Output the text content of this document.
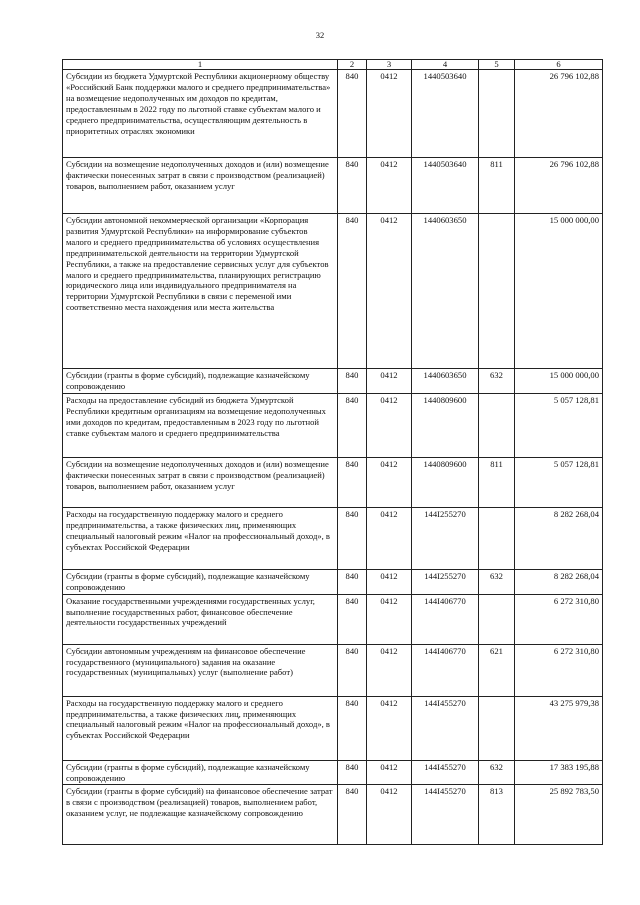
32
1	2	3	4	5	6
Субсидии из бюджета Удмуртской Республики акционерному обществу «Российский Банк поддержки малого и среднего предпринимательства» на возмещение недополученных им доходов по кредитам, предоставленным в 2022 году по льготной ставке субъектам малого и среднего предпринимательства, осуществляющим деятельность в приоритетных отраслях экономики	840	0412	1440503640		26 796 102,88
Субсидии на возмещение недополученных доходов и (или) возмещение фактически понесенных затрат в связи с производством (реализацией) товаров, выполнением работ, оказанием услуг	840	0412	1440503640	811	26 796 102,88
Субсидии автономной некоммерческой организации «Корпорация развития Удмуртской Республики» на информирование субъектов малого и среднего предпринимательства об условиях осуществления предпринимательской деятельности на территории Удмуртской Республики, а также на предоставление сервисных услуг для субъектов малого и среднего предпринимательства, планирующих регистрацию юридического лица или индивидуального предпринимателя на территории Удмуртской Республики в связи с переменой ими соответственно места нахождения или места жительства	840	0412	1440603650		15 000 000,00
Субсидии (гранты в форме субсидий), подлежащие казначейскому сопровождению	840	0412	1440603650	632	15 000 000,00
Расходы на предоставление субсидий из бюджета Удмуртской Республики кредитным организациям на возмещение недополученных ими доходов по кредитам, предоставленным в 2023 году по льготной ставке субъектам малого и среднего предпринимательства	840	0412	1440809600		5 057 128,81
Субсидии на возмещение недополученных доходов и (или) возмещение фактически понесенных затрат в связи с производством (реализацией) товаров, выполнением работ, оказанием услуг	840	0412	1440809600	811	5 057 128,81
Расходы на государственную поддержку малого и среднего предпринимательства, а также физических лиц, применяющих специальный налоговый режим «Налог на профессиональный доход», в субъектах Российской Федерации	840	0412	144I255270		8 282 268,04
Субсидии (гранты в форме субсидий), подлежащие казначейскому сопровождению	840	0412	144I255270	632	8 282 268,04
Оказание государственными учреждениями государственных услуг, выполнение государственных работ, финансовое обеспечение деятельности государственных учреждений	840	0412	144I406770		6 272 310,80
Субсидии автономным учреждениям на финансовое обеспечение государственного (муниципального) задания на оказание государственных (муниципальных) услуг (выполнение работ)	840	0412	144I406770	621	6 272 310,80
Расходы на государственную поддержку малого и среднего предпринимательства, а также физических лиц, применяющих специальный налоговый режим «Налог на профессиональный доход», в субъектах Российской Федерации	840	0412	144I455270		43 275 979,38
Субсидии (гранты в форме субсидий), подлежащие казначейскому сопровождению	840	0412	144I455270	632	17 383 195,88
Субсидии (гранты в форме субсидий) на финансовое обеспечение затрат в связи с производством (реализацией) товаров, выполнением работ, оказанием услуг, не подлежащие казначейскому сопровождению	840	0412	144I455270	813	25 892 783,50
